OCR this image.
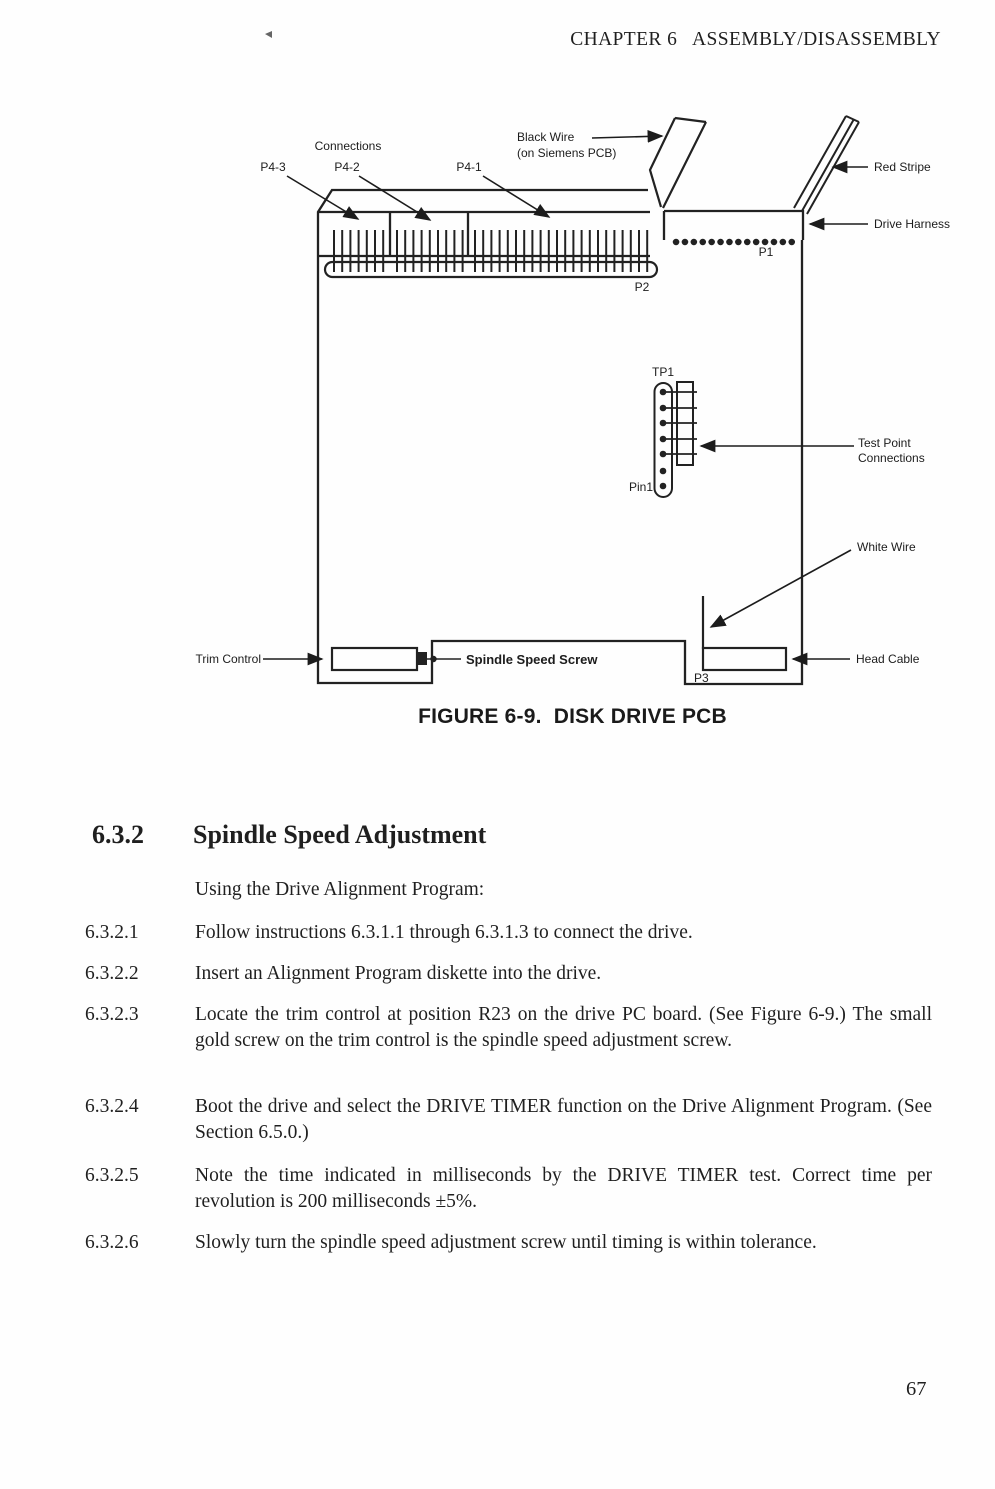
CHAPTER 6   ASSEMBLY/DISASSEMBLY
Connections
P4-3	P4-2	P4-1
Black Wire
(on Siemens PCB)
Red Stripe
Drive Harness
P1
P2
TP1
Pin1
Test Point
Connections
White Wire
Head Cable
P3
Trim Control	Spindle Speed Screw
FIGURE 6-9.  DISK DRIVE PCB
6.3.2 Spindle Speed Adjustment
Using the Drive Alignment Program:
6.3.2.1	Follow instructions 6.3.1.1 through 6.3.1.3 to connect the drive.
6.3.2.2	Insert an Alignment Program diskette into the drive.
6.3.2.3	Locate the trim control at position R23 on the drive PC board. (See Figure 6-9.) The small gold screw on the trim control is the spindle speed adjustment screw.
6.3.2.4	Boot the drive and select the DRIVE TIMER function on the Drive Alignment Program. (See Section 6.5.0.)
6.3.2.5	Note the time indicated in milliseconds by the DRIVE TIMER test. Correct time per revolution is 200 milliseconds ±5%.
6.3.2.6	Slowly turn the spindle speed adjustment screw until timing is within tolerance.
67
